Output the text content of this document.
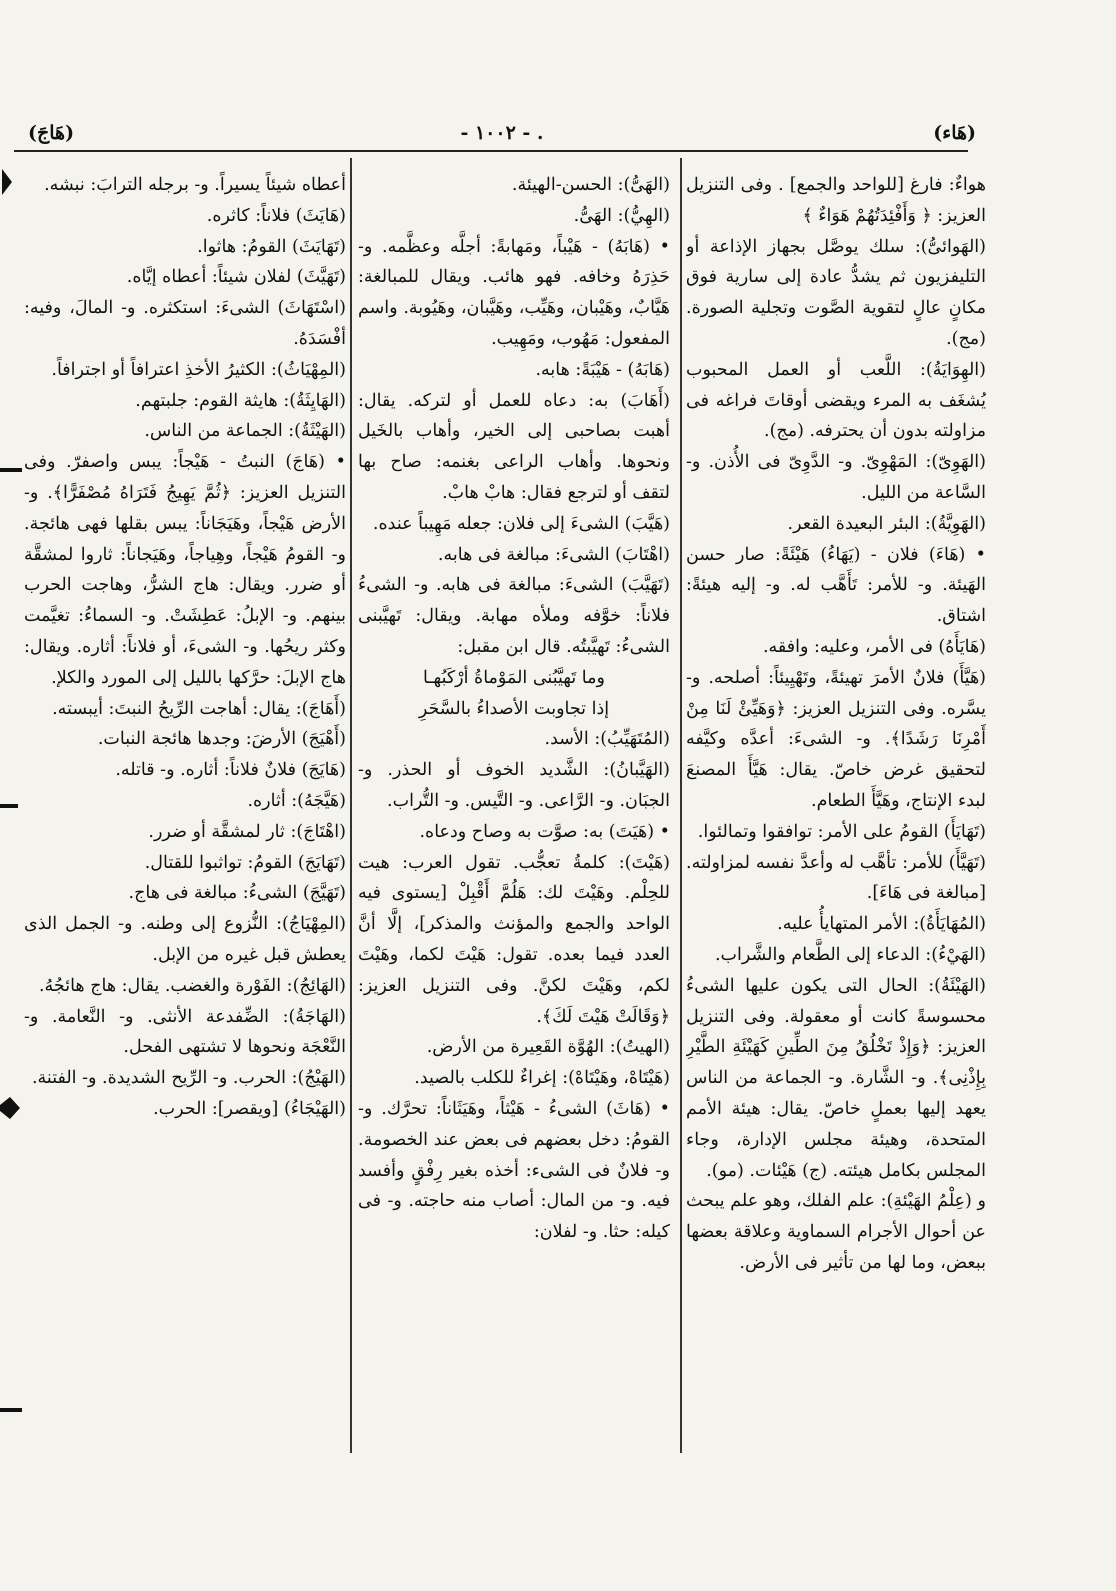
(هَاء)
. - ١٠٠٢ -
(هَاجَ)

هواءٌ: فارغ [للواحد والجمع] . وفى التنزيل العزيز: ﴿ وَأَفْئِدَتُهُمْ هَوَاءٌ ﴾

(الهَوائىُّ): سلك يوصَّل بجهاز الإذاعة أو التليفزيون ثم يشدُّ عادة إلى سارية فوق مكانٍ عالٍ لتقوية الصَّوت وتجلية الصورة. (مج).

(الهِوَايَةُ): اللَّعب أو العمل المحبوب يُشغَف به المرء ويقضى أوقاتَ فراغه فى مزاولته بدون أن يحترفه. (مج).

(الهَوِىّ): المَهْوِىّ. و- الدَّوِىّ فى الأُذن. و- السَّاعة من الليل.

(الهَوِيَّةُ): البئر البعيدة القعر.

• (هَاءَ) فلان - (يَهَاءُ) هَيْئَةً: صار حسن الهَيئة. و- للأمر: تَأَهَّب له. و- إليه هيئةً: اشتاق.

(هَايَأَهُ) فى الأمر، وعليه: وافقه.

(هَيَّأَ) فلانٌ الأمرَ تهيئةً، وتَهْيِيئاً: أصلحه. و- يسَّره. وفى التنزيل العزيز: ﴿وَهَيِّئْ لَنَا مِنْ أَمْرِنَا رَشَدًا﴾. و- الشىءَ: أعدَّه وكيَّفه لتحقيق غرض خاصّ. يقال: هَيَّأَ المصنعَ لبدء الإنتاج، وهَيَّأَ الطعام.

(تَهَايَأَ) القومُ على الأمر: توافقوا وتمالئوا.

(تَهَيَّأَ) للأمر: تأهَّب له وأعدَّ نفسه لمزاولته. [مبالغة فى هَاءَ].

(المُهَايَأَةُ): الأمر المتهايأُ عليه.

(الهَيْءُ): الدعاء إلى الطَّعام والشَّراب.

(الهَيْئَةُ): الحال التى يكون عليها الشىءُ محسوسةً كانت أو معقولة. وفى التنزيل العزيز: ﴿وَإِذْ تَخْلُقُ مِنَ الطِّينِ كَهَيْئَةِ الطَّيْرِ بِإِذْنِى﴾. و- الشَّارة. و- الجماعة من الناس يعهد إليها بعملٍ خاصّ. يقال: هيئة الأمم المتحدة، وهيئة مجلس الإدارة، وجاء المجلس بكامل هيئته. (ج) هَيْئات. (مو).

و (عِلْمُ الهَيْئةِ): علم الفلك، وهو علم يبحث عن أحوال الأجرام السماوية وعلاقة بعضها ببعض، وما لها من تأثير فى الأرض.

(الهَىُّ): الحسن-الهيئة.

(الهِيُّ): الهَىُّ.

• (هَابَهُ) - هَيْباً، ومَهابةً: أجلَّه وعظَّمه. و- حَذِرَهُ وخافه. فهو هائب. ويقال للمبالغة: هَيَّابٌ، وهَيْبان، وهَيِّب، وهَيَّبان، وهَيُوبة. واسم المفعول: مَهُوب، ومَهِيب.

(هَابَهُ) - هَيْبَةً: هابه.

(أَهَابَ) به: دعاه للعمل أو لتركه. يقال: أهبت بصاحبى إلى الخير، وأهاب بالخَيل ونحوها. وأهاب الراعى بغنمه: صاح بها لتقف أو لترجع فقال: هابْ هابْ.

(هَيَّبَ) الشىءَ إلى فلان: جعله مَهِيباً عنده.

(اهْتَابَ) الشىءَ: مبالغة فى هابه.

(تَهَيَّبَ) الشىءَ: مبالغة فى هابه. و- الشىءُ فلاناً: خوَّفه وملأه مهابة. ويقال: تَهيَّبنى الشىءُ: تَهيَّبتُه. قال ابن مقبل:

وما تَهيَّبُنى المَوْماةُ أرْكَبُهـا

إذا تجاوبت الأصداءُ بالسَّحَرِ

(المُتَهَيِّبُ): الأسد.

(الهَيَّبانُ): الشَّديد الخوف أو الحذر. و- الجبَان. و- الرَّاعى. و- التَّيس. و- التُّراب.

• (هَيَتَ) به: صوَّت به وصاح ودعاه.

(هَيْتَ): كلمةُ تعجُّب. تقول العرب: هيت للحِلْم. وهَيْتَ لك: هَلُمَّ أَقْبِلْ [يستوى فيه الواحد والجمع والمؤنث والمذكر]، إلَّا أنَّ العدد فيما بعده. تقول: هَيْتَ لكما، وهَيْتَ لكم، وهَيْتَ لكنَّ. وفى التنزيل العزيز: ﴿وَقَالَتْ هَيْتَ لَكَ﴾.

(الهيتُ): الهُوَّة القَعِيرة من الأرض.

(هَيْتَاهْ، وهَيْتَاهْ): إغراءٌ للكلب بالصيد.

• (هَاثَ) الشىءُ - هَيْثاً، وهَيَثَاناً: تحرَّك. و- القومُ: دخل بعضهم فى بعض عند الخصومة. و- فلانٌ فى الشىء: أخذه بغير رِفْقٍ وأفسد فيه. و- من المال: أصاب منه حاجته. و- فى كيله: حثا. و- لفلان:

أعطاه شيئاً يسيراً. و- برجله الترابَ: نبشه.

(هَايَثَ) فلاناً: كاثره.

(تَهَايَثَ) القومُ: هاثوا.

(تَهَيَّثَ) لفلان شيئاً: أعطاه إيَّاه.

(اسْتَهَاثَ) الشىءَ: استكثره. و- المالَ، وفيه: أفْسَدَهُ.

(المِهْيَاثُ): الكثيرُ الأخذِ اعترافاً أو اجترافاً.

(الهَايِثَةُ): هايثة القوم: جلبتهم.

(الهَيْثَةُ): الجماعة من الناس.

• (هَاجَ) النبتُ - هَيْجاً: يبس واصفرّ. وفى التنزيل العزيز: ﴿ثُمَّ يَهِيجُ فَتَرَاهُ مُصْفَرًّا﴾. و- الأرض هَيْجاً، وهَيَجَاناً: يبس بقلها فهى هائجة. و- القومُ هَيْجاً، وهِياجاً، وهَيَجاناً: ثاروا لمشقَّة أو ضرر. ويقال: هاج الشرُّ، وهاجت الحرب بينهم. و- الإبلُ: عَطِشَتْ. و- السماءُ: تغيَّمت وكثر ريحُها. و- الشىءَ، أو فلاناً: أثاره. ويقال: هاج الإبلَ: حرَّكها بالليل إلى المورد والكلإ.

(أَهَاجَ): يقال: أهاجت الرِّيحُ النبتَ: أيبسته.

(أَهْيَجَ) الأرضَ: وجدها هائجة النبات.

(هَايَجَ) فلانٌ فلاناً: أثاره. و- قاتله.

(هَيَّجَهُ): أثاره.

(اهْتَاجَ): ثار لمشقَّة أو ضرر.

(تَهَايَجَ) القومُ: تواثبوا للقتال.

(تَهَيَّجَ) الشىءُ: مبالغة فى هاج.

(المِهْيَاجُ): النُّزوع إلى وطنه. و- الجمل الذى يعطش قبل غيره من الإبل.

(الهَائِجُ): الفَوْرة والغضب. يقال: هاج هائجُهُ.

(الهَاجَةُ): الضِّفدعة الأنثى. و- النَّعامة. و- النَّعْجَة ونحوها لا تشتهى الفحل.

(الهَيْجُ): الحرب. و- الرِّيح الشديدة. و- الفتنة.

(الهَيْجَاءُ) [ويقصر]: الحرب.
